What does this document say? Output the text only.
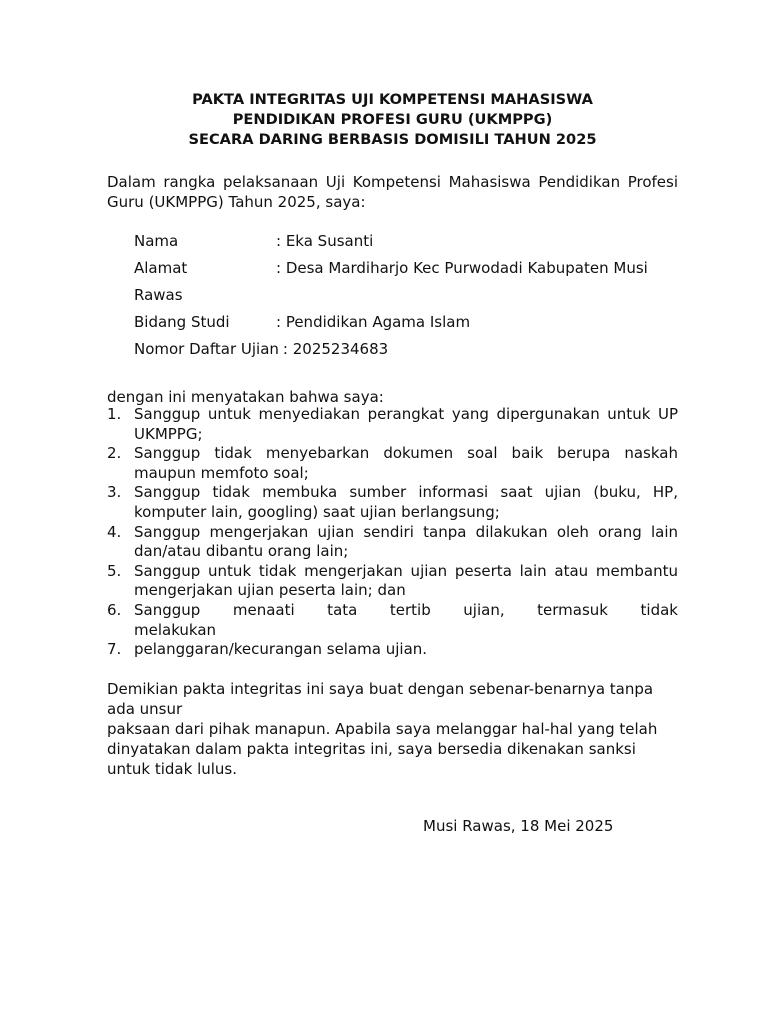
PAKTA INTEGRITAS UJI KOMPETENSI MAHASISWA
PENDIDIKAN PROFESI GURU (UKMPPG)
SECARA DARING BERBASIS DOMISILI TAHUN 2025
Dalam rangka pelaksanaan Uji Kompetensi Mahasiswa Pendidikan Profesi Guru (UKMPPG) Tahun 2025, saya:
Nama	: Eka Susanti
Alamat	: Desa Mardiharjo Kec Purwodadi Kabupaten Musi
Rawas
Bidang Studi	: Pendidikan Agama Islam
Nomor Daftar Ujian : 2025234683
dengan ini menyatakan bahwa saya:
1. Sanggup untuk menyediakan perangkat yang dipergunakan untuk UP UKMPPG;
2. Sanggup tidak menyebarkan dokumen soal baik berupa naskah maupun memfoto soal;
3. Sanggup tidak membuka sumber informasi saat ujian (buku, HP, komputer lain, googling) saat ujian berlangsung;
4. Sanggup mengerjakan ujian sendiri tanpa dilakukan oleh orang lain dan/atau dibantu orang lain;
5. Sanggup untuk tidak mengerjakan ujian peserta lain atau membantu mengerjakan ujian peserta lain; dan
6. Sanggup menaati tata tertib ujian, termasuk tidak
melakukan
7. pelanggaran/kecurangan selama ujian.
Demikian pakta integritas ini saya buat dengan sebenar-benarnya tanpa
ada unsur
paksaan dari pihak manapun. Apabila saya melanggar hal-hal yang telah
dinyatakan dalam pakta integritas ini, saya bersedia dikenakan sanksi
untuk tidak lulus.
Musi Rawas, 18 Mei 2025
